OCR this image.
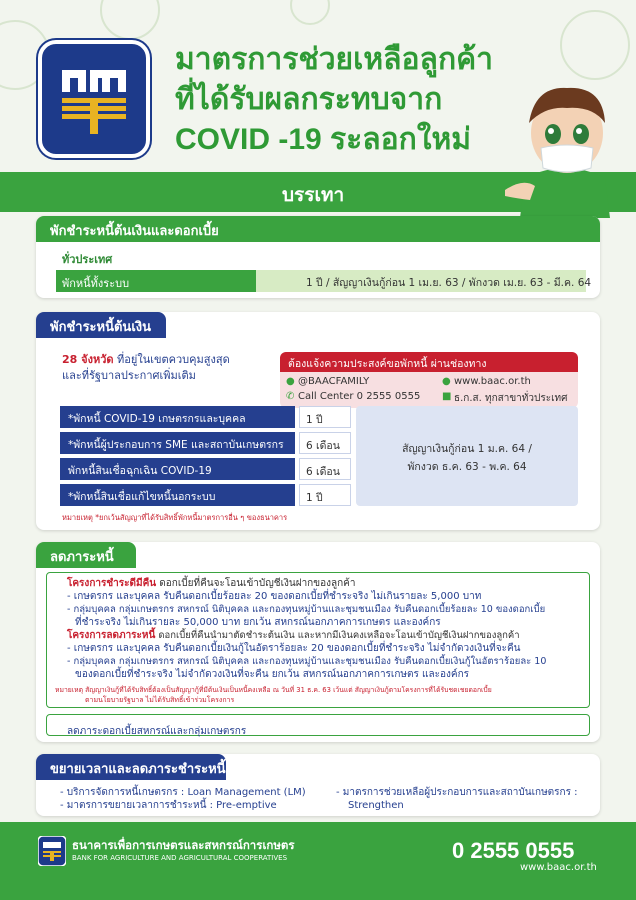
มาตรการช่วยเหลือลูกค้า
ที่ได้รับผลกระทบจาก
COVID -19 ระลอกใหม่
บรรเทา
พักชำระหนี้ต้นเงินและดอกเบี้ย
ทั่วประเทศ
พักหนี้ทั้งระบบ	1 ปี / สัญญาเงินกู้ก่อน 1 เม.ย. 63 / พักงวด เม.ย. 63 - มี.ค. 64
พักชำระหนี้ต้นเงิน
28 จังหวัด ที่อยู่ในเขตควบคุมสูงสุด
และที่รัฐบาลประกาศเพิ่มเติม
ต้องแจ้งความประสงค์ขอพักหนี้ ผ่านช่องทาง
● @BAACFAMILY	● www.baac.or.th
✆ Call Center 0 2555 0555 ■ ธ.ก.ส. ทุกสาขาทั่วประเทศ
*พักหนี้ COVID-19 เกษตรกรและบุคคล	1 ปี
*พักหนี้ผู้ประกอบการ SME และสถาบันเกษตรกร	6 เดือน
พักหนี้สินเชื่อฉุกเฉิน COVID-19	6 เดือน
*พักหนี้สินเชื่อแก้ไขหนี้นอกระบบ	1 ปี
สัญญาเงินกู้ก่อน 1 ม.ค. 64 /
พักงวด ธ.ค. 63 - พ.ค. 64
หมายเหตุ *ยกเว้นสัญญาที่ได้รับสิทธิ์พักหนี้มาตรการอื่น ๆ ของธนาคาร
ลดภาระหนี้
โครงการชำระดีมีคืน ดอกเบี้ยที่คืนจะโอนเข้าบัญชีเงินฝากของลูกค้า
- เกษตรกร และบุคคล รับคืนดอกเบี้ยร้อยละ 20 ของดอกเบี้ยที่ชำระจริง ไม่เกินรายละ 5,000 บาท
- กลุ่มบุคคล กลุ่มเกษตรกร สหกรณ์ นิติบุคคล และกองทุนหมู่บ้านและชุมชนเมือง รับคืนดอกเบี้ยร้อยละ 10 ของดอกเบี้ย
ที่ชำระจริง ไม่เกินรายละ 50,000 บาท ยกเว้น สหกรณ์นอกภาคการเกษตร และองค์กร
โครงการลดภาระหนี้ ดอกเบี้ยที่คืนนำมาตัดชำระต้นเงิน และหากมีเงินคงเหลือจะโอนเข้าบัญชีเงินฝากของลูกค้า
- เกษตรกร และบุคคล รับคืนดอกเบี้ยเงินกู้ในอัตราร้อยละ 20 ของดอกเบี้ยที่ชำระจริง ไม่จำกัดวงเงินที่จะคืน
- กลุ่มบุคคล กลุ่มเกษตรกร สหกรณ์ นิติบุคคล และกองทุนหมู่บ้านและชุมชนเมือง รับคืนดอกเบี้ยเงินกู้ในอัตราร้อยละ 10
ของดอกเบี้ยที่ชำระจริง ไม่จำกัดวงเงินที่จะคืน ยกเว้น สหกรณ์นอกภาคการเกษตร และองค์กร
หมายเหตุ สัญญาเงินกู้ที่ได้รับสิทธิ์ต้องเป็นสัญญากู้ที่มีต้นเงินเป็นหนี้คงเหลือ ณ วันที่ 31 ธ.ค. 63 เว้นแต่ สัญญาเงินกู้ตามโครงการที่ได้รับชดเชยดอกเบี้ย
ตามนโยบายรัฐบาล ไม่ได้รับสิทธิ์เข้าร่วมโครงการ
ลดภาระดอกเบี้ยสหกรณ์และกลุ่มเกษตรกร
ขยายเวลาและลดภาระชำระหนี้
- บริการจัดการหนี้เกษตรกร : Loan Management (LM)
- มาตรการขยายเวลาการชำระหนี้ : Pre-emptive
- มาตรการช่วยเหลือผู้ประกอบการและสถาบันเกษตรกร :
Strengthen
ธนาคารเพื่อการเกษตรและสหกรณ์การเกษตร
BANK FOR AGRICULTURE AND AGRICULTURAL COOPERATIVES	0 2555 0555
www.baac.or.th
